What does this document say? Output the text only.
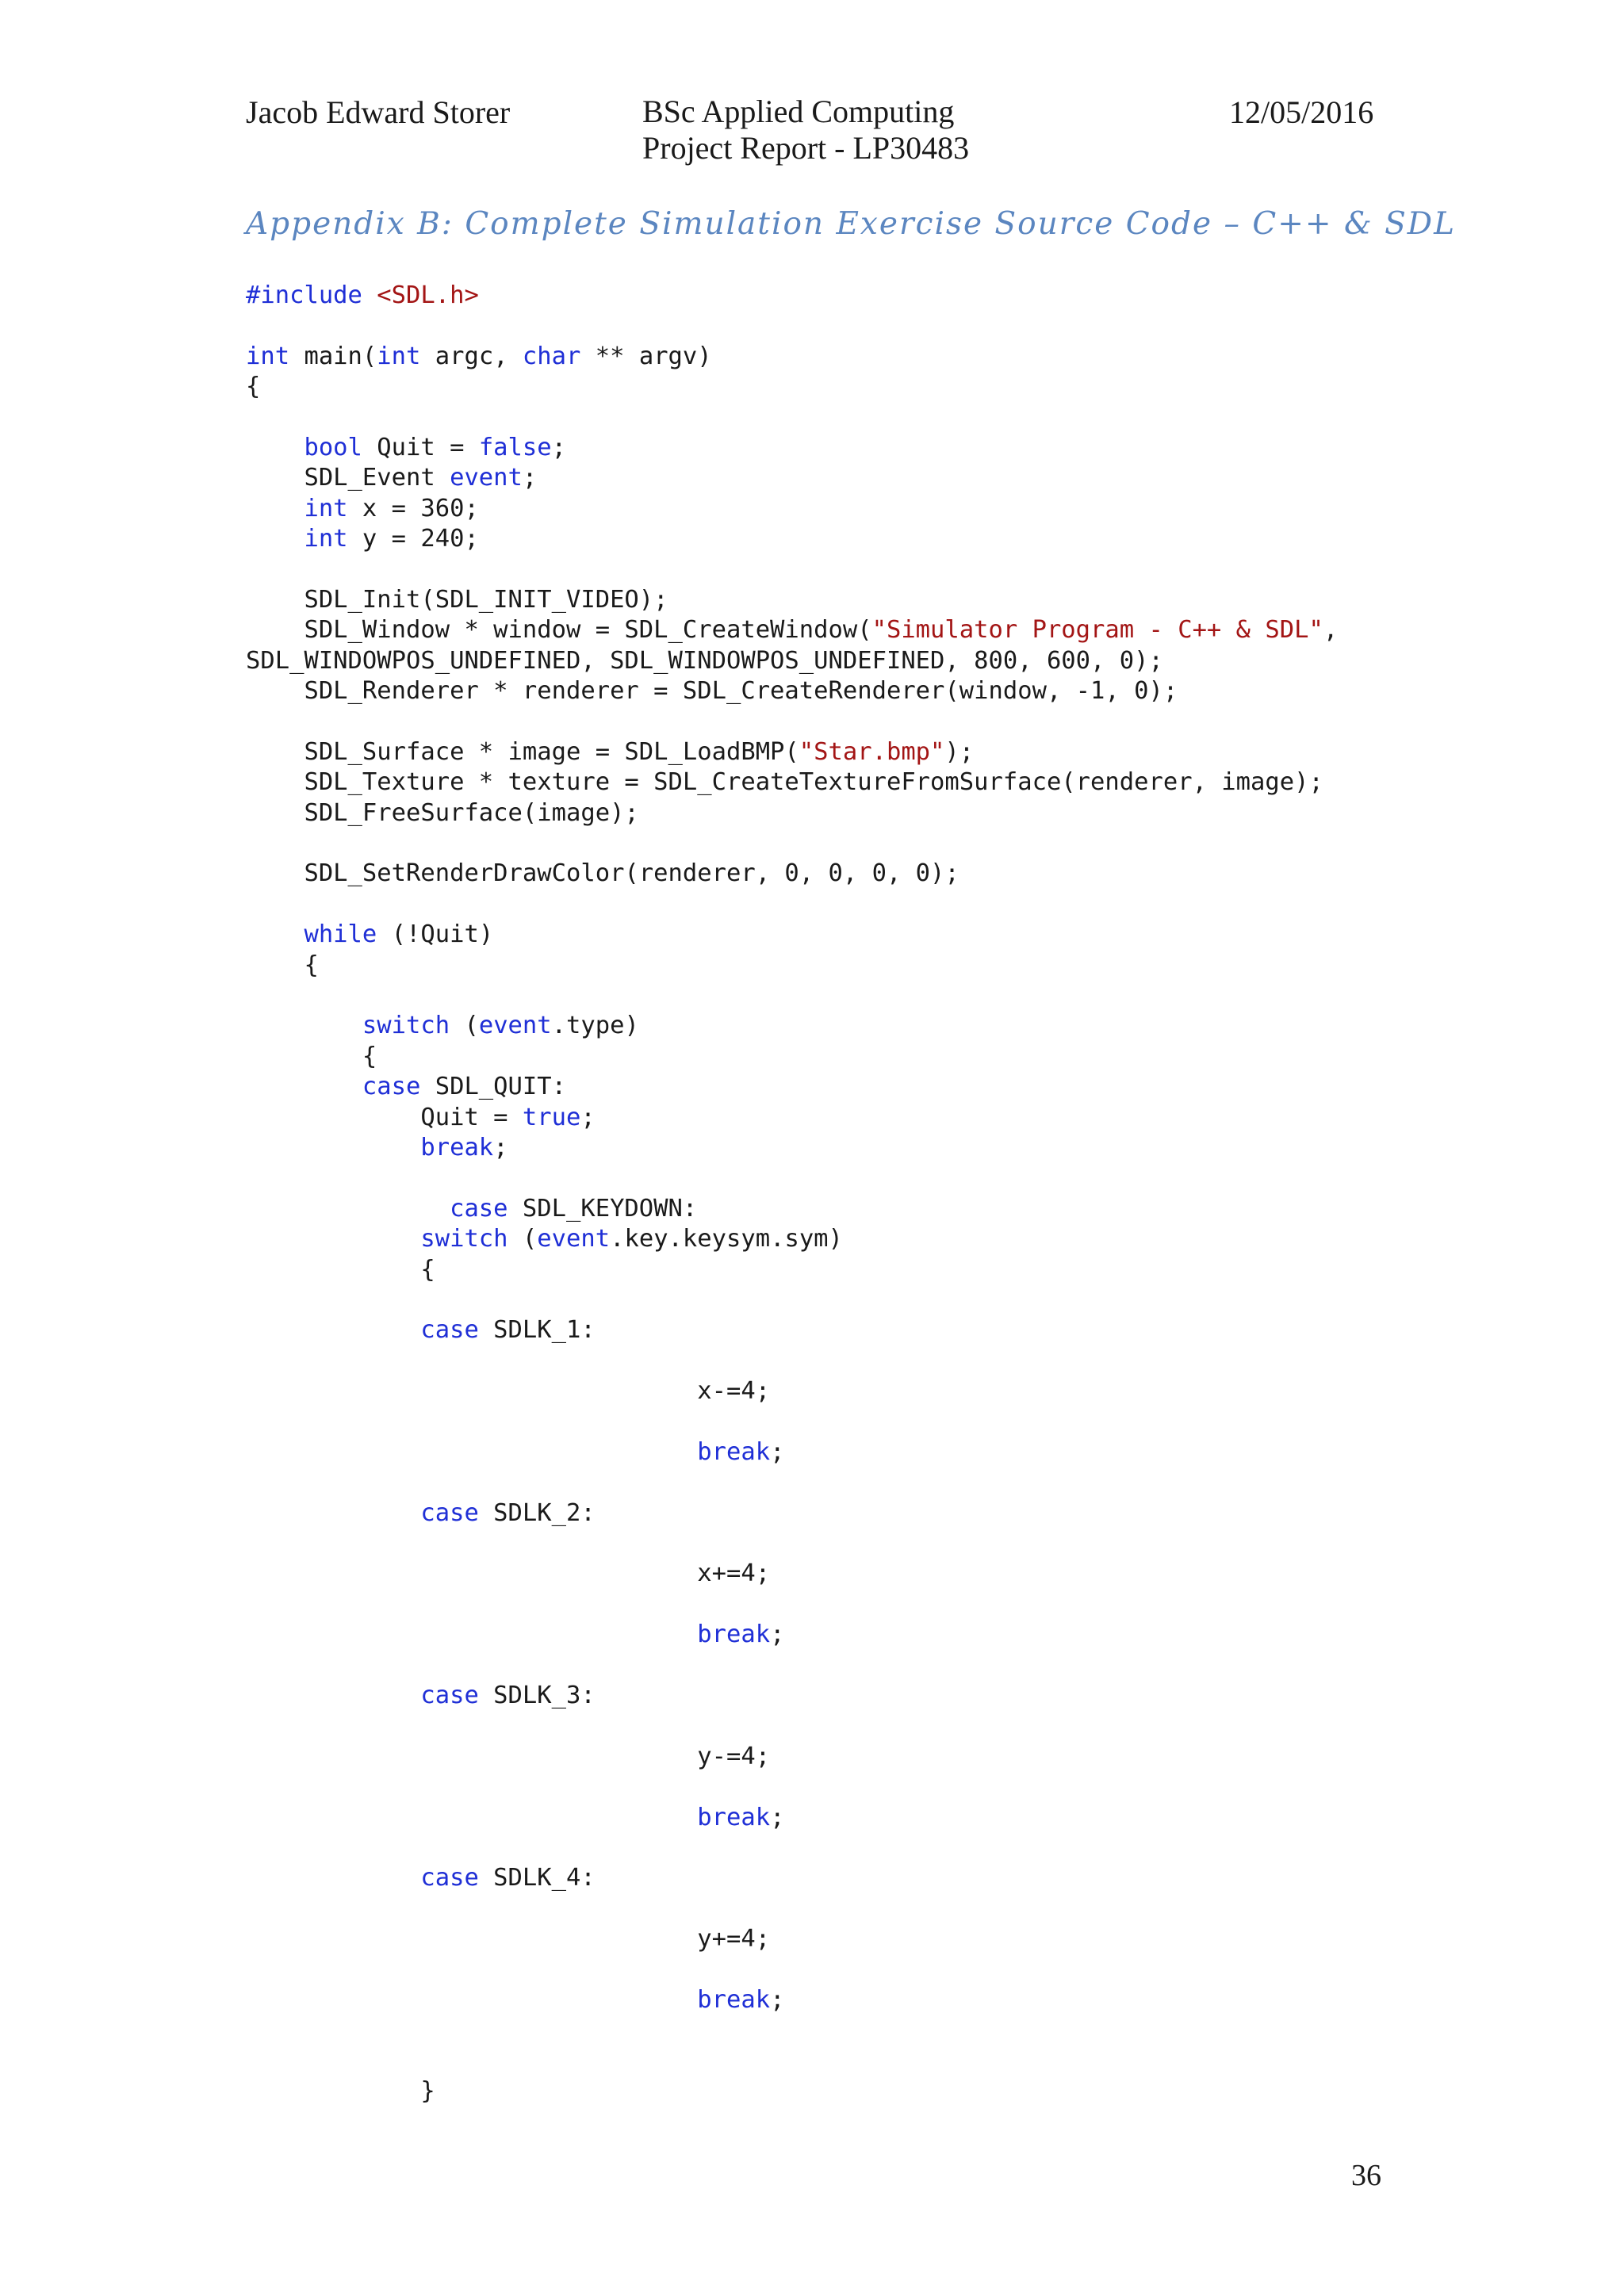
Jacob Edward Storer	BSc Applied Computing
Project Report - LP30483
12/05/2016
Appendix B: Complete Simulation Exercise Source Code – C++ & SDL
#include <SDL.h>
int main(int argc, char ** argv)
{
bool Quit = false;
SDL_Event event;
int x = 360;
int y = 240;
SDL_Init(SDL_INIT_VIDEO);
SDL_Window * window = SDL_CreateWindow("Simulator Program - C++ & SDL",
SDL_WINDOWPOS_UNDEFINED, SDL_WINDOWPOS_UNDEFINED, 800, 600, 0);
SDL_Renderer * renderer = SDL_CreateRenderer(window, -1, 0);
SDL_Surface * image = SDL_LoadBMP("Star.bmp");
SDL_Texture * texture = SDL_CreateTextureFromSurface(renderer, image);
SDL_FreeSurface(image);
SDL_SetRenderDrawColor(renderer, 0, 0, 0, 0);
while (!Quit)
{
switch (event.type)
{
case SDL_QUIT:
Quit = true;
break;
case SDL_KEYDOWN:
switch (event.key.keysym.sym)
{
case SDLK_1:
x-=4;
break;
case SDLK_2:
x+=4;
break;
case SDLK_3:
y-=4;
break;
case SDLK_4:
y+=4;
break;
}
36
